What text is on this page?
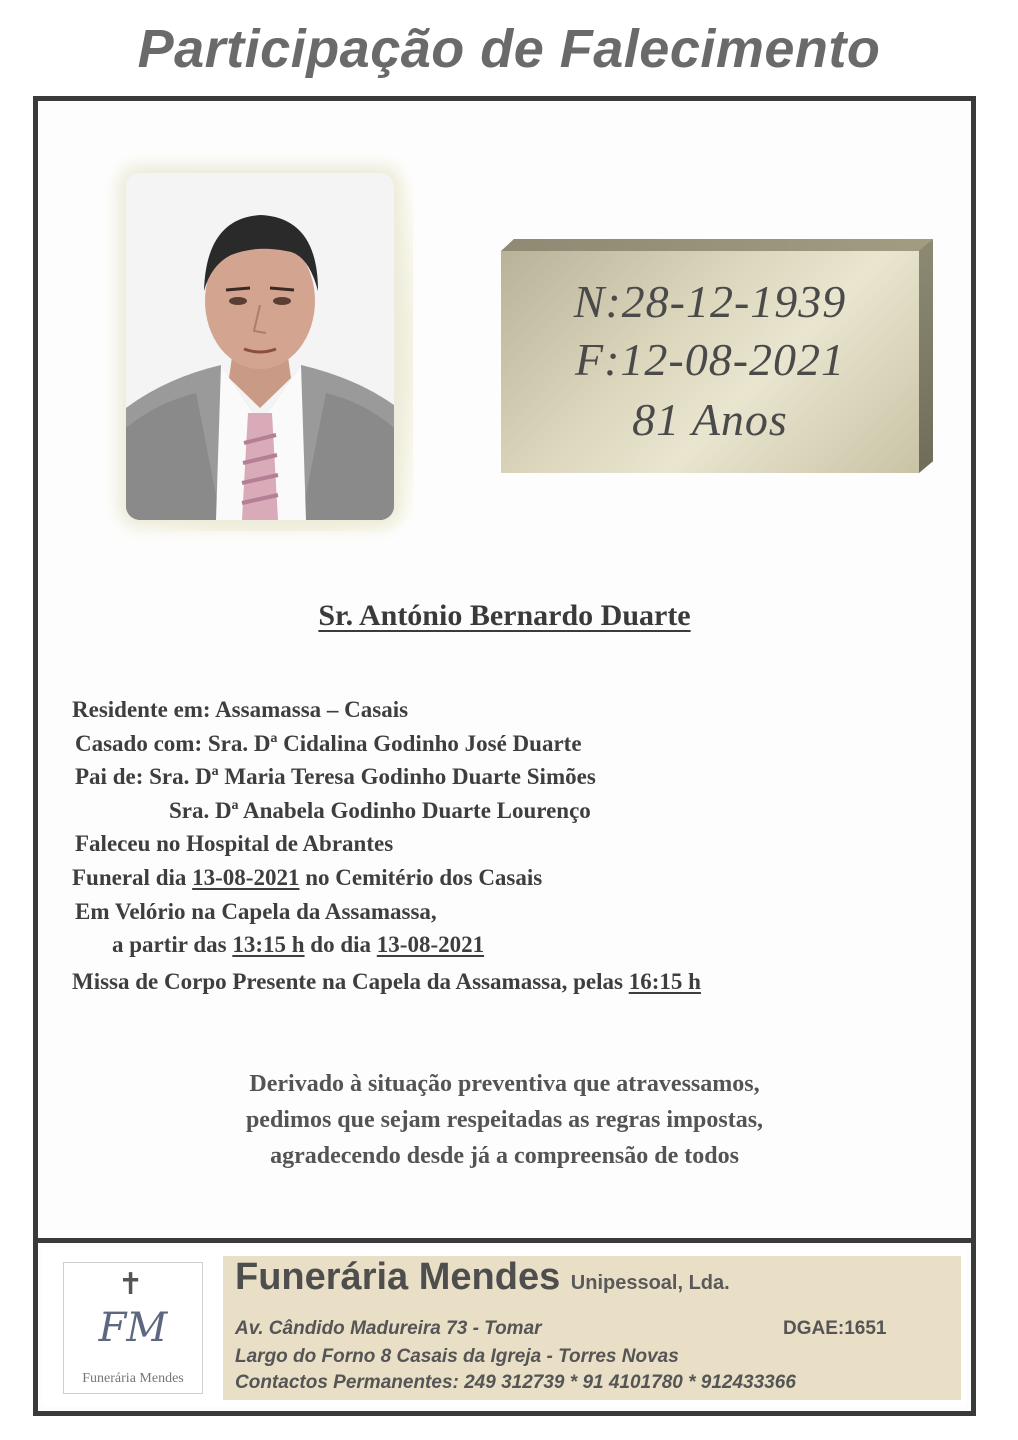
Participação de Falecimento
N:28-12-1939
F:12-08-2021
81 Anos
Sr. António Bernardo Duarte
Residente em: Assamassa – Casais
Casado com: Sra. Dª Cidalina Godinho José Duarte
Pai de: Sra. Dª Maria Teresa Godinho Duarte Simões
Sra. Dª Anabela Godinho Duarte Lourenço
Faleceu no Hospital de Abrantes
Funeral dia 13-08-2021 no Cemitério dos Casais
Em Velório na Capela da Assamassa,
a partir das 13:15 h do dia 13-08-2021
Missa de Corpo Presente na Capela da Assamassa, pelas 16:15 h
Derivado à situação preventiva que atravessamos,
pedimos que sejam respeitadas as regras impostas,
agradecendo desde já a compreensão de todos
✝
FM
Funerária Mendes
Funerária Mendes Unipessoal, Lda.
Av. Cândido Madureira 73 - Tomar	DGAE:1651
Largo do Forno 8 Casais da Igreja - Torres Novas
Contactos Permanentes: 249 312739 * 91 4101780 * 912433366
